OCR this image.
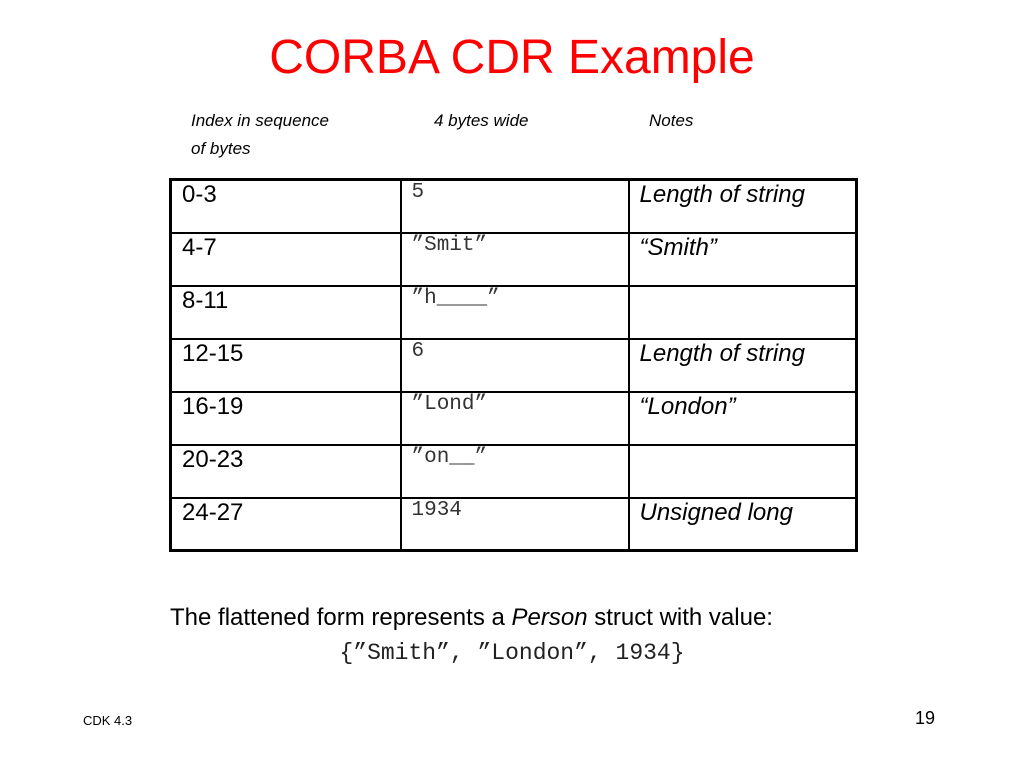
CORBA CDR Example
Index in sequence
of bytes
4 bytes wide	Notes
0-3	5	Length of string
4-7	”Smit”	“Smith”
8-11	”h____”	
12-15	6	Length of string
16-19	”Lond”	“London”
20-23	”on__”	
24-27	1934	Unsigned long
The flattened form represents a Person struct with value:
{”Smith”, ”London”, 1934}
CDK 4.3	19
